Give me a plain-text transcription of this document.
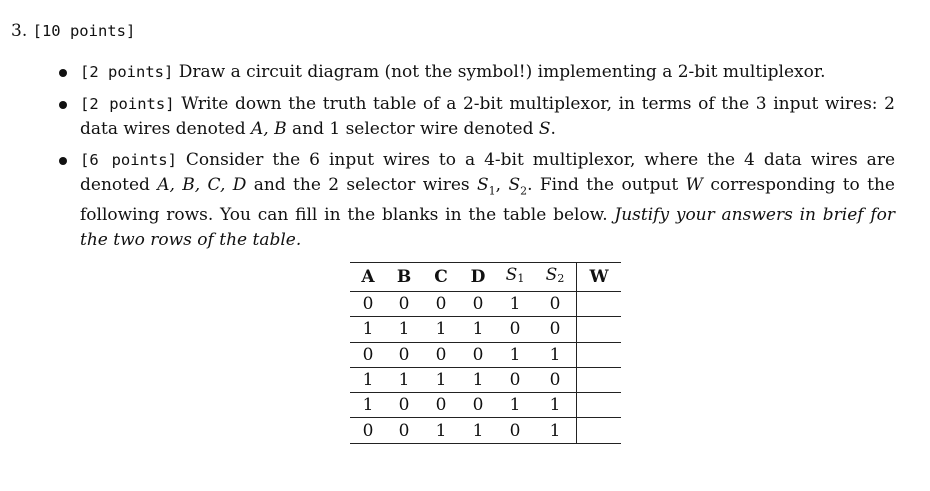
3. [10 points]
[2 points] Draw a circuit diagram (not the symbol!) implementing a 2-bit multiplexor.
[2 points] Write down the truth table of a 2-bit multiplexor, in terms of the 3 input wires: 2
data wires denoted A, B and 1 selector wire denoted S.
[6 points] Consider the 6 input wires to a 4-bit multiplexor, where the 4 data wires are
denoted A, B, C, D and the 2 selector wires $S_1$, $S_2$. Find the output W corresponding to the
following rows. You can fill in the blanks in the table below. Justify your answers in brief for
the two rows of the table.
A	B	C	D	$S_1$	$S_2$	W
0	0	0	0	1	0	
1	1	1	1	0	0	
0	0	0	0	1	1	
1	1	1	1	0	0	
1	0	0	0	1	1	
0	0	1	1	0	1	
